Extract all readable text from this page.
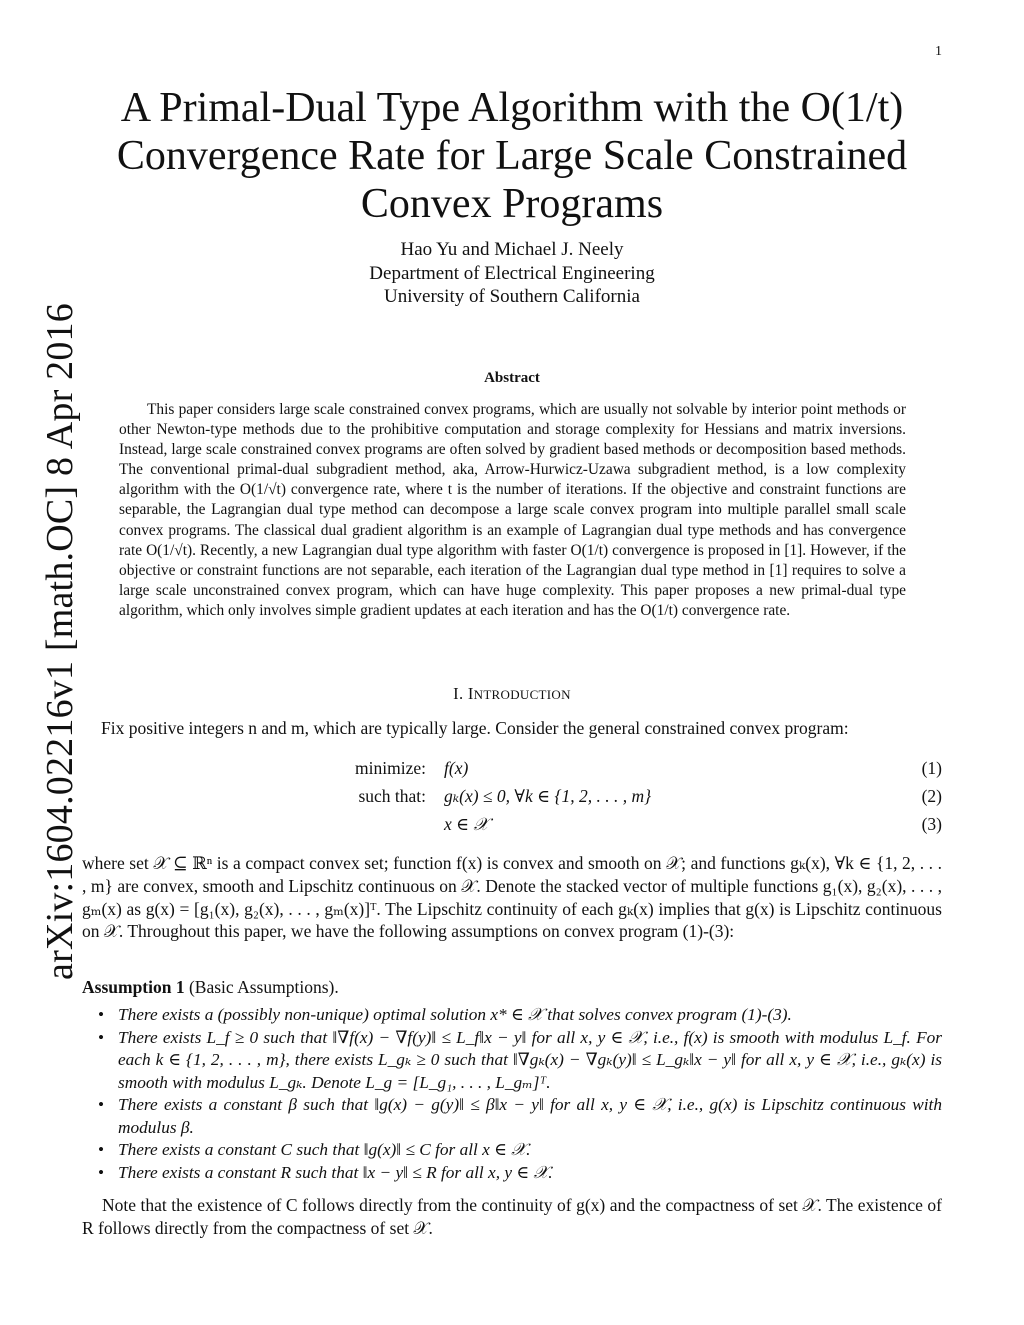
1
arXiv:1604.02216v1 [math.OC] 8 Apr 2016
A Primal-Dual Type Algorithm with the O(1/t)
Convergence Rate for Large Scale Constrained
Convex Programs
Hao Yu and Michael J. Neely
Department of Electrical Engineering
University of Southern California
Abstract

This paper considers large scale constrained convex programs, which are usually not solvable by interior point methods or other Newton-type methods due to the prohibitive computation and storage complexity for Hessians and matrix inversions. Instead, large scale constrained convex programs are often solved by gradient based methods or decomposition based methods. The conventional primal-dual subgradient method, aka, Arrow-Hurwicz-Uzawa subgradient method, is a low complexity algorithm with the O(1/√t) convergence rate, where t is the number of iterations. If the objective and constraint functions are separable, the Lagrangian dual type method can decompose a large scale convex program into multiple parallel small scale convex programs. The classical dual gradient algorithm is an example of Lagrangian dual type methods and has convergence rate O(1/√t). Recently, a new Lagrangian dual type algorithm with faster O(1/t) convergence is proposed in [1]. However, if the objective or constraint functions are not separable, each iteration of the Lagrangian dual type method in [1] requires to solve a large scale unconstrained convex program, which can have huge complexity. This paper proposes a new primal-dual type algorithm, which only involves simple gradient updates at each iteration and has the O(1/t) convergence rate.

I. INTRODUCTION
Fix positive integers n and m, which are typically large. Consider the general constrained convex program:
minimize: f(x)	(1)
such that: gₖ(x) ≤ 0, ∀k ∈ {1, 2, . . . , m}	(2)
x ∈ 𝒳	(3)

where set 𝒳 ⊆ ℝⁿ is a compact convex set; function f(x) is convex and smooth on 𝒳; and functions gₖ(x), ∀k ∈ {1, 2, . . . , m} are convex, smooth and Lipschitz continuous on 𝒳. Denote the stacked vector of multiple functions g₁(x), g₂(x), . . . , gₘ(x) as g(x) = [g₁(x), g₂(x), . . . , gₘ(x)]ᵀ. The Lipschitz continuity of each gₖ(x) implies that g(x) is Lipschitz continuous on 𝒳. Throughout this paper, we have the following assumptions on convex program (1)-(3):

Assumption 1 (Basic Assumptions).
• There exists a (possibly non-unique) optimal solution x* ∈ 𝒳 that solves convex program (1)-(3).
• There exists L_f ≥ 0 such that ‖∇f(x) − ∇f(y)‖ ≤ L_f‖x − y‖ for all x, y ∈ 𝒳, i.e., f(x) is smooth with modulus L_f. For each k ∈ {1, 2, . . . , m}, there exists L_gₖ ≥ 0 such that ‖∇gₖ(x) − ∇gₖ(y)‖ ≤ L_gₖ‖x − y‖ for all x, y ∈ 𝒳, i.e., gₖ(x) is smooth with modulus L_gₖ. Denote L_g = [L_g₁, . . . , L_gₘ]ᵀ.
• There exists a constant β such that ‖g(x) − g(y)‖ ≤ β‖x − y‖ for all x, y ∈ 𝒳, i.e., g(x) is Lipschitz continuous with modulus β.
• There exists a constant C such that ‖g(x)‖ ≤ C for all x ∈ 𝒳.
• There exists a constant R such that ‖x − y‖ ≤ R for all x, y ∈ 𝒳.

Note that the existence of C follows directly from the continuity of g(x) and the compactness of set 𝒳. The existence of R follows directly from the compactness of set 𝒳.
